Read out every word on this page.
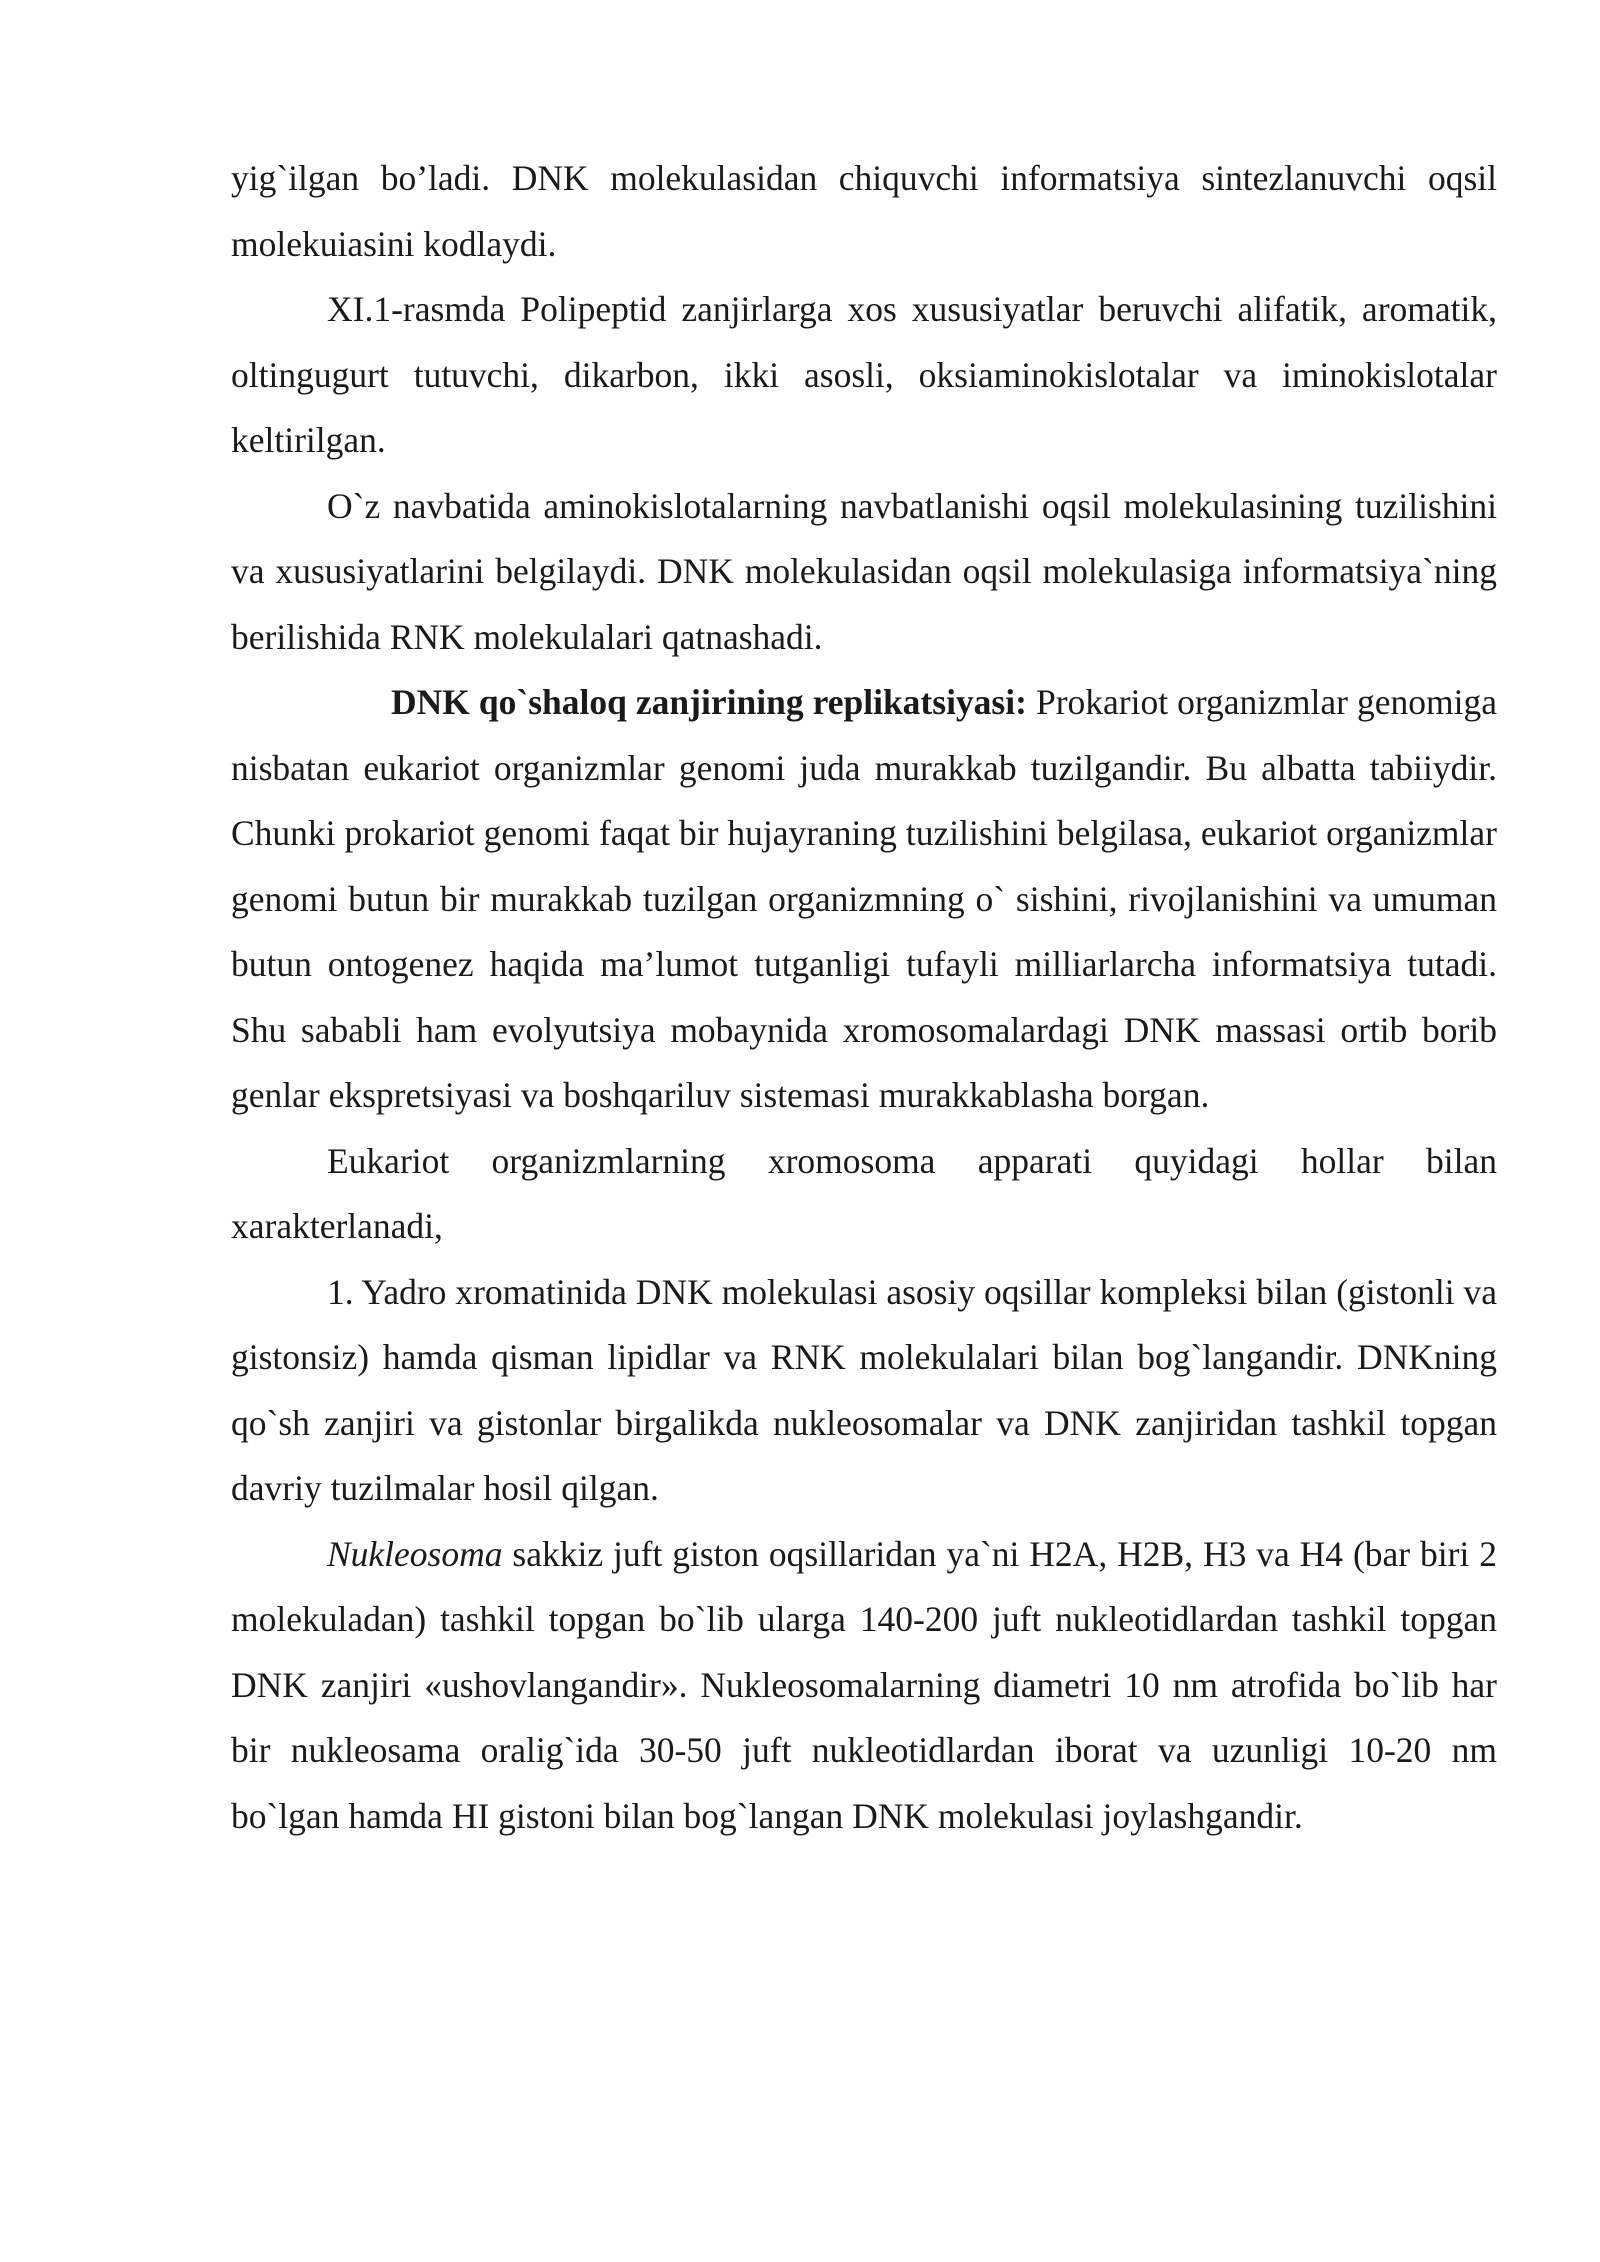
yig`ilgan bo’ladi. DNK molekulasidan chiquvchi informatsiya sintezlanuvchi oqsil molekuiasini kodlaydi.

XI.1-rasmda Polipeptid zanjirlarga xos xususiyatlar beruvchi alifatik, aromatik, oltingugurt tutuvchi, dikarbon, ikki asosli, oksiaminokislotalar va iminokislotalar keltirilgan.

O`z navbatida aminokislotalarning navbatlanishi oqsil molekulasining tuzilishini va xususiyatlarini belgilaydi. DNK molekulasidan oqsil molekulasiga informatsiya`ning berilishida RNK molekulalari qatnashadi.

DNK qo`shaloq zanjirining replikatsiyasi: Prokariot organizmlar genomiga nisbatan eukariot organizmlar genomi juda murakkab tuzilgandir. Bu albatta tabiiydir. Chunki prokariot genomi faqat bir hujayraning tuzilishini belgilasa, eukariot organizmlar genomi butun bir murakkab tuzilgan organizmning o` sishini, rivojlanishini va umuman butun ontogenez haqida ma’lumot tutganligi tufayli milliarlarcha informatsiya tutadi. Shu sababli ham evolyutsiya mobaynida xromosomalardagi DNK massasi ortib borib genlar ekspretsiyasi va boshqariluv sistemasi murakkablasha borgan.

Eukariot organizmlarning xromosoma apparati quyidagi hollar bilan xarakterlanadi,

1. Yadro xromatinida DNK molekulasi asosiy oqsillar kompleksi bilan (gistonli va gistonsiz) hamda qisman lipidlar va RNK molekulalari bilan bog`langandir. DNKning qo`sh zanjiri va gistonlar birgalikda nukleosomalar va DNK zanjiridan tashkil topgan davriy tuzilmalar hosil qilgan.

Nukleosoma sakkiz juft giston oqsillaridan ya`ni H2A, H2B, H3 va H4 (bar biri 2 molekuladan) tashkil topgan bo`lib ularga 140-200 juft nukleotidlardan tashkil topgan DNK zanjiri «ushovlangandir». Nukleosomalarning diametri 10 nm atrofida bo`lib har bir nukleosama oralig`ida 30-50 juft nukleotidlardan iborat va uzunligi 10-20 nm bo`lgan hamda HI gistoni bilan bog`langan DNK molekulasi joylashgandir.
